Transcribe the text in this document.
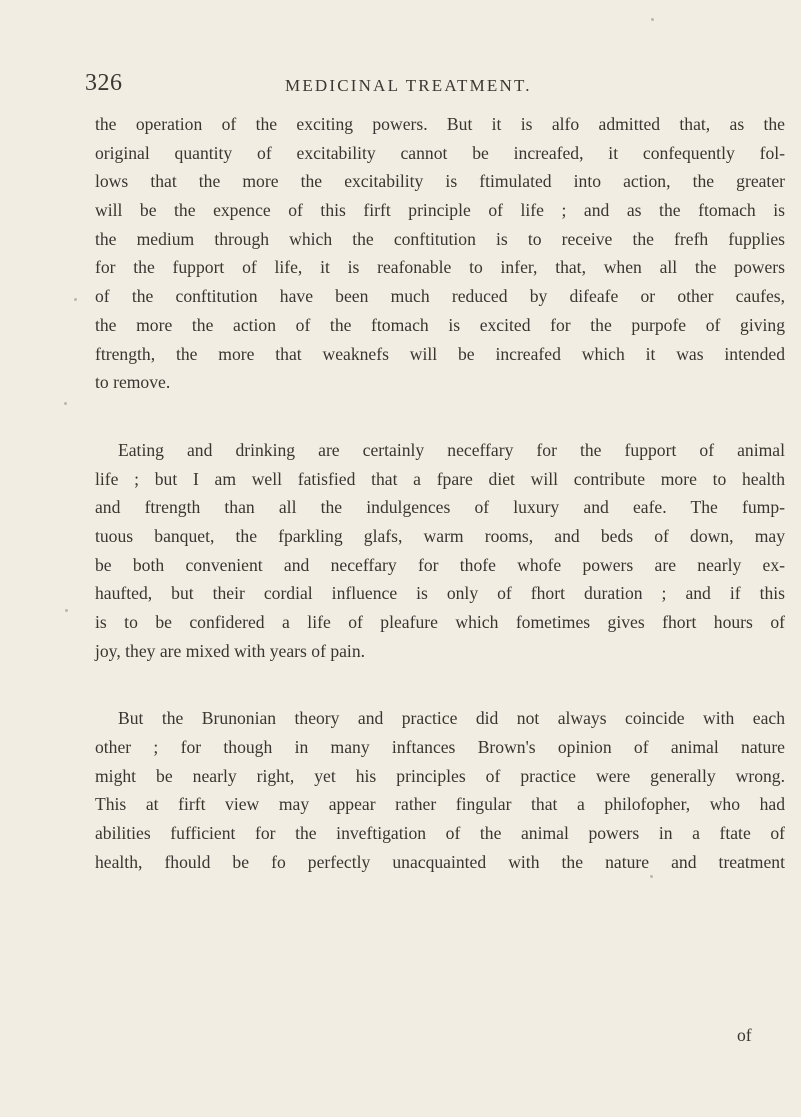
326	MEDICINAL TREATMENT.
the operation of the exciting powers. But it is alfo admitted that, as the
original quantity of excitability cannot be increafed, it confequently fol-
lows that the more the excitability is ftimulated into action, the greater
will be the expence of this firft principle of life ; and as the ftomach is
the medium through which the conftitution is to receive the frefh fupplies
for the fupport of life, it is reafonable to infer, that, when all the powers
of the conftitution have been much reduced by difeafe or other caufes,
the more the action of the ftomach is excited for the purpofe of giving
ftrength, the more that weaknefs will be increafed which it was intended
to remove.
Eating and drinking are certainly neceffary for the fupport of animal
life ; but I am well fatisfied that a fpare diet will contribute more to health
and ftrength than all the indulgences of luxury and eafe. The fump-
tuous banquet, the fparkling glafs, warm rooms, and beds of down, may
be both convenient and neceffary for thofe whofe powers are nearly ex-
haufted, but their cordial influence is only of fhort duration ; and if this
is to be confidered a life of pleafure which fometimes gives fhort hours of
joy, they are mixed with years of pain.
But the Brunonian theory and practice did not always coincide with each
other ; for though in many inftances Brown's opinion of animal nature
might be nearly right, yet his principles of practice were generally wrong.
This at firft view may appear rather fingular that a philofopher, who had
abilities fufficient for the inveftigation of the animal powers in a ftate of
health, fhould be fo perfectly unacquainted with the nature and treatment
of
